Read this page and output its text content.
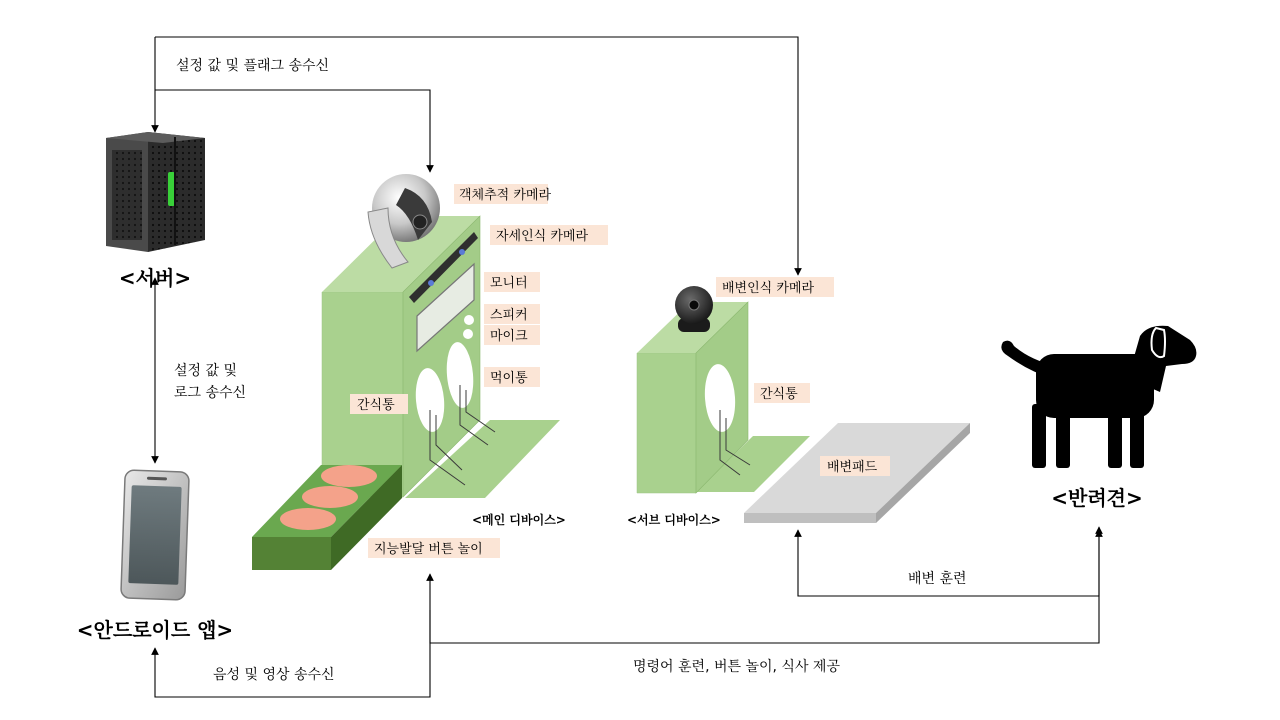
설정 값 및 플래그 송수신
설정 값 및
로그 송수신
음성 및 영상 송수신	명령어 훈련, 버튼 놀이, 식사 제공
배변 훈련
<서버>
<안드로이드 앱>
객체추적 카메라
자세인식 카메라
모니터
스피커
마이크
먹이통
간식통
지능발달 버튼 놀이
<메인 디바이스>
배변인식 카메라
간식통
<서브 디바이스>
배변패드
<반려견>
